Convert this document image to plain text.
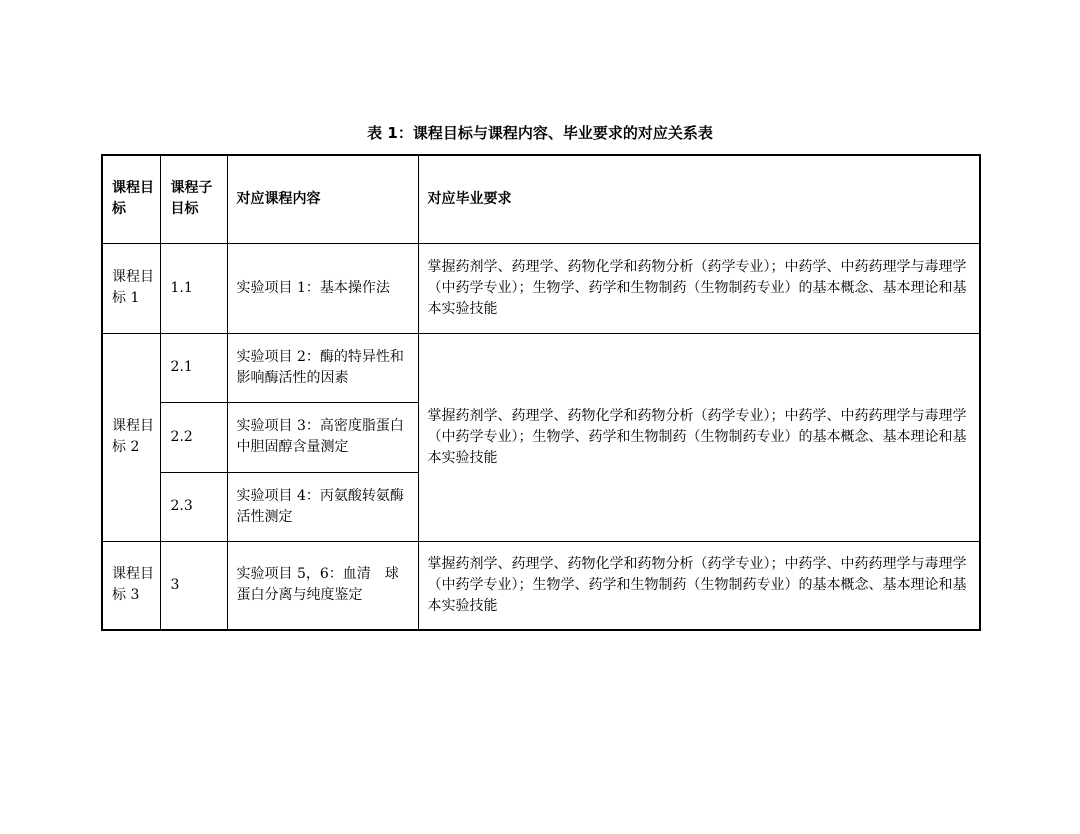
表 1：课程目标与课程内容、毕业要求的对应关系表
课程目标	课程子目标	对应课程内容	对应毕业要求
课程目标 1	1.1	实验项目 1：基本操作法	掌握药剂学、药理学、药物化学和药物分析（药学专业）；中药学、中药药理学与毒理学（中药学专业）；生物学、药学和生物制药（生物制药专业）的基本概念、基本理论和基本实验技能
课程目标 2	2.1	实验项目 2：酶的特异性和影响酶活性的因素	掌握药剂学、药理学、药物化学和药物分析（药学专业）；中药学、中药药理学与毒理学（中药学专业）；生物学、药学和生物制药（生物制药专业）的基本概念、基本理论和基本实验技能
	2.2	实验项目 3：高密度脂蛋白中胆固醇含量测定	
	2.3	实验项目 4：丙氨酸转氨酶活性测定	
课程目标 3	3	实验项目 5，6：血清　球蛋白分离与纯度鉴定	掌握药剂学、药理学、药物化学和药物分析（药学专业）；中药学、中药药理学与毒理学（中药学专业）；生物学、药学和生物制药（生物制药专业）的基本概念、基本理论和基本实验技能
